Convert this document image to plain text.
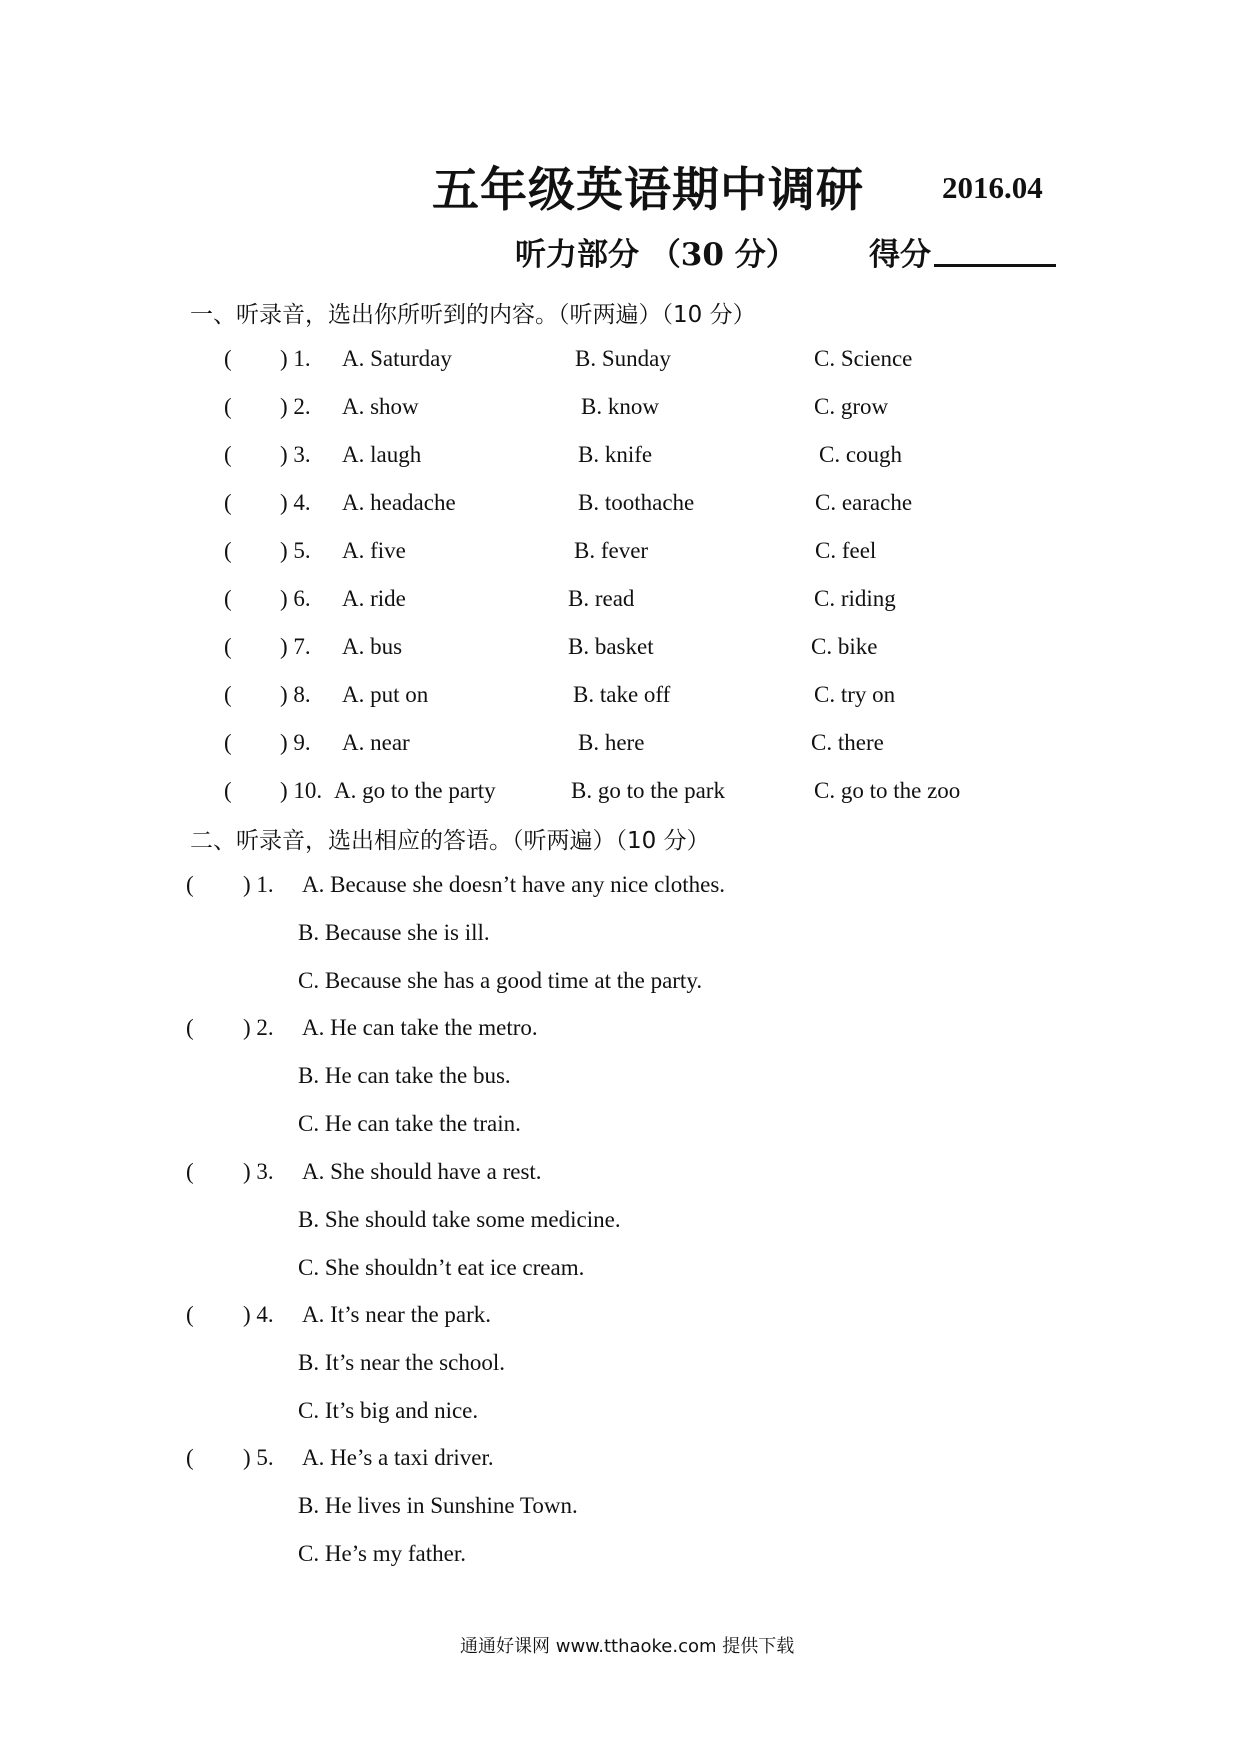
五年级英语期中调研	2016.04
听力部分 （30 分） 得分
一、听录音，选出你所听到的内容。（听两遍）（10 分）
( ) 1. A. Saturday	B. Sunday	C. Science
( ) 2. A. show	B. know	C. grow
( ) 3. A. laugh	B. knife	C. cough
( ) 4. A. headache	B. toothache	C. earache
( ) 5. A. five	B. fever	C. feel
( ) 6. A. ride	B. read	C. riding
( ) 7. A. bus	B. basket	C. bike
( ) 8. A. put on	B. take off	C. try on
( ) 9. A. near	B. here	C. there
( ) 10. A. go to the party	B. go to the park	C. go to the zoo
二、听录音，选出相应的答语。（听两遍）（10 分）
( ) 1. A. Because she doesn’t have any nice clothes.
B. Because she is ill.
C. Because she has a good time at the party.
( ) 2. A. He can take the metro.
B. He can take the bus.
C. He can take the train.
( ) 3. A. She should have a rest.
B. She should take some medicine.
C. She shouldn’t eat ice cream.
( ) 4. A. It’s near the park.
B. It’s near the school.
C. It’s big and nice.
( ) 5. A. He’s a taxi driver.
B. He lives in Sunshine Town.
C. He’s my father.
通通好课网 www.tthaoke.com 提供下载
